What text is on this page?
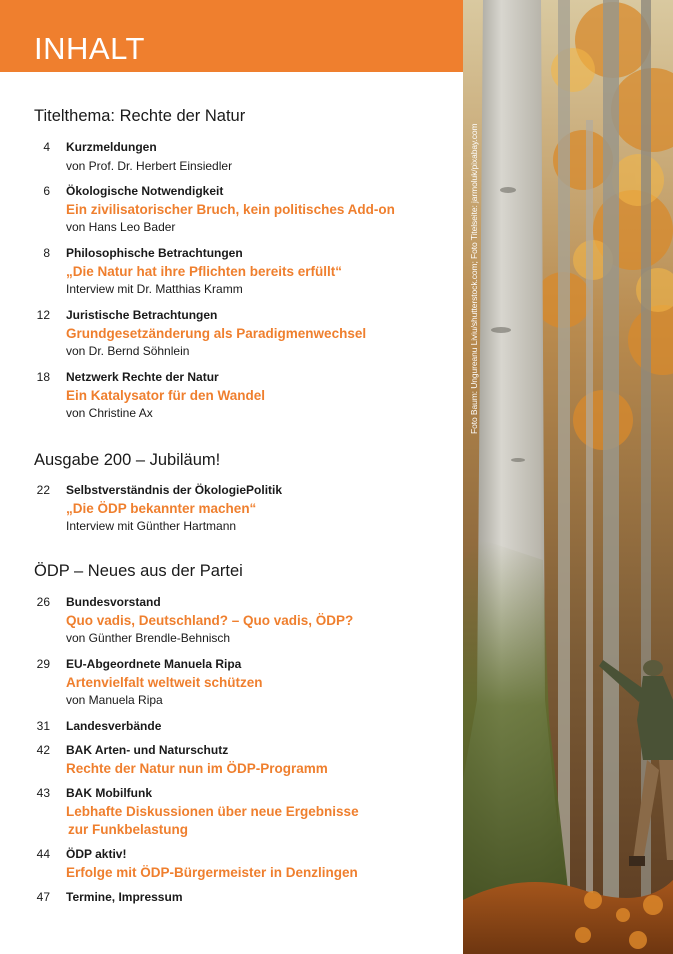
INHALT
Titelthema: Rechte der Natur
4 Kurzmeldungen
von Prof. Dr. Herbert Einsiedler
6 Ökologische Notwendigkeit
Ein zivilisatorischer Bruch, kein politisches Add-on
von Hans Leo Bader
8 Philosophische Betrachtungen
„Die Natur hat ihre Pflichten bereits erfüllt“
Interview mit Dr. Matthias Kramm
12 Juristische Betrachtungen
Grundgesetzänderung als Paradigmenwechsel
von Dr. Bernd Söhnlein
18 Netzwerk Rechte der Natur
Ein Katalysator für den Wandel
von Christine Ax
Ausgabe 200 – Jubiläum!
22 Selbstverständnis der ÖkologiePolitik
„Die ÖDP bekannter machen“
Interview mit Günther Hartmann
ÖDP – Neues aus der Partei
26 Bundesvorstand
Quo vadis, Deutschland? – Quo vadis, ÖDP?
von Günther Brendle-Behnisch
29 EU-Abgeordnete Manuela Ripa
Artenvielfalt weltweit schützen
von Manuela Ripa
31 Landesverbände
42 BAK Arten- und Naturschutz
Rechte der Natur nun im ÖDP-Programm
43 BAK Mobilfunk
Lebhafte Diskussionen über neue Ergebnisse
zur Funkbelastung
44 ÖDP aktiv!
Erfolge mit ÖDP-Bürgermeister in Denzlingen
47 Termine, Impressum
Foto Baum: Ungureanu Liviu/shutterstock.com; Foto Titelseite: jarmoluk/pixabay.com
